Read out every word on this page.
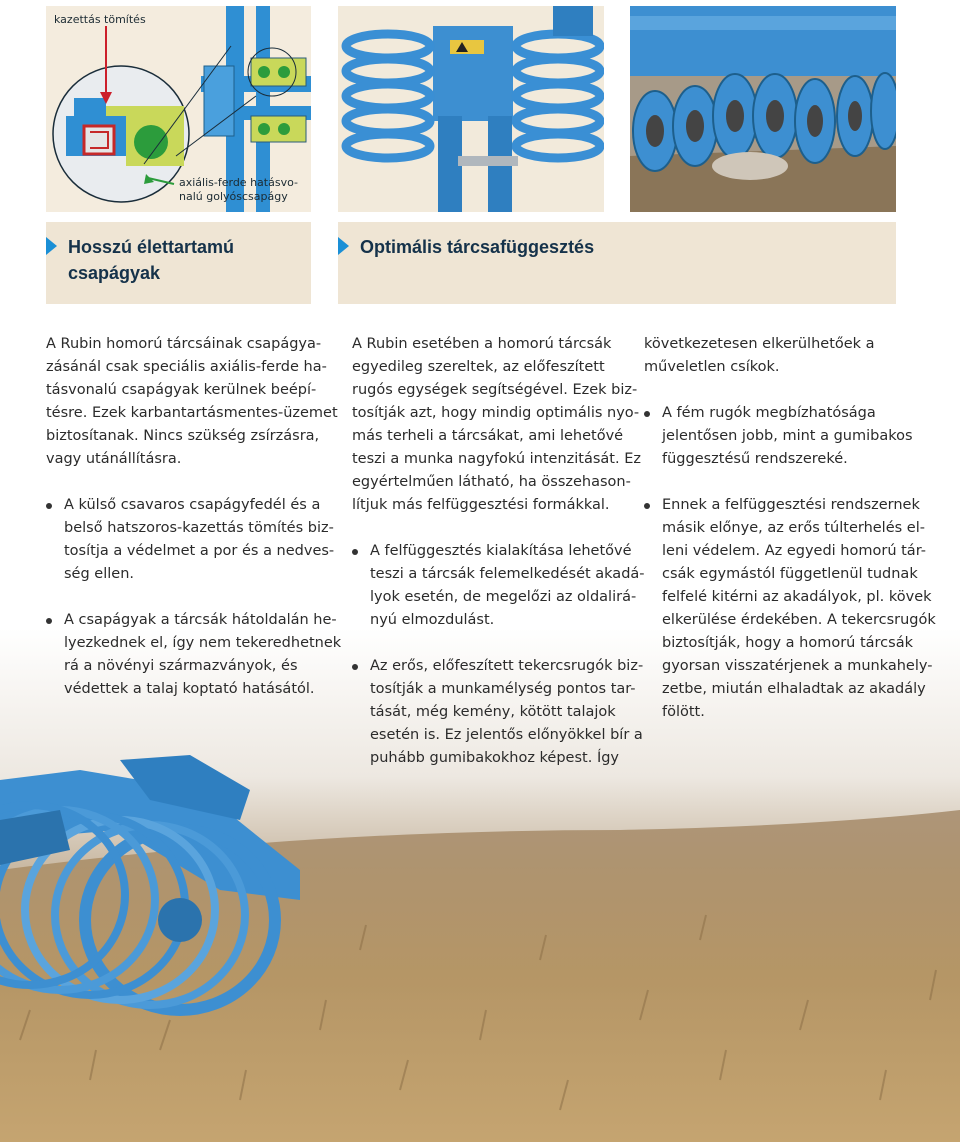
kazettás tömítés
axiális-ferde hatásvo-
nalú golyóscsapágy
Hosszú élettartamú
csapágyak
Optimális tárcsafüggesztés

A Rubin homorú tárcsáinak csapágya-
zásánál csak speciális axiális-ferde ha-
tásvonalú csapágyak kerülnek beépí-
tésre. Ezek karbantartásmentes-üzemet
biztosítanak. Nincs szükség zsírzásra,
vagy utánállításra.

A külső csavaros csapágyfedél és a
belső hatszoros-kazettás tömítés biz-
tosítja a védelmet a por és a nedves-
ség ellen.
A csapágyak a tárcsák hátoldalán he-
lyezkednek el, így nem tekeredhetnek
rá a növényi származványok, és
védettek a talaj koptató hatásától.

A Rubin esetében a homorú tárcsák
egyedileg szereltek, az előfeszített
rugós egységek segítségével. Ezek biz-
tosítják azt, hogy mindig optimális nyo-
más terheli a tárcsákat, ami lehetővé
teszi a munka nagyfokú intenzitását. Ez
egyértelműen látható, ha összehason-
lítjuk más felfüggesztési formákkal.

A felfüggesztés kialakítása lehetővé
teszi a tárcsák felemelkedését akadá-
lyok esetén, de megelőzi az oldalirá-
nyú elmozdulást.
Az erős, előfeszített tekercsrugók biz-
tosítják a munkamélység pontos tar-
tását, még kemény, kötött talajok
esetén is. Ez jelentős előnyökkel bír a
puhább gumibakokhoz képest. Így

következetesen elkerülhetőek a
műveletlen csíkok.

A fém rugók megbízhatósága
jelentősen jobb, mint a gumibakos
függesztésű rendszereké.
Ennek a felfüggesztési rendszernek
másik előnye, az erős túlterhelés el-
leni védelem. Az egyedi homorú tár-
csák egymástól függetlenül tudnak
felfelé kitérni az akadályok, pl. kövek
elkerülése érdekében. A tekercsrugók
biztosítják, hogy a homorú tárcsák
gyorsan visszatérjenek a munkahely-
zetbe, miután elhaladtak az akadály
fölött.
